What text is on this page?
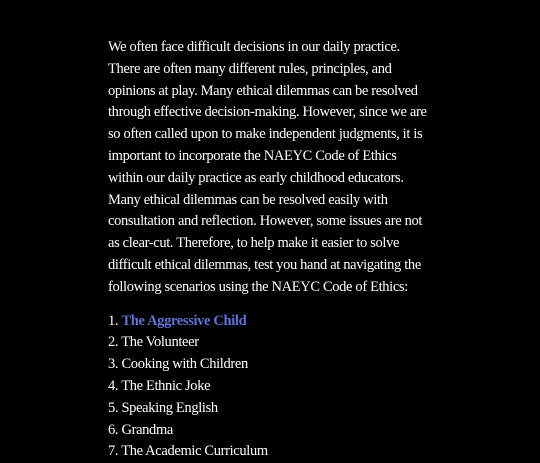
We often face difficult decisions in our daily practice. There are often many different rules, principles, and opinions at play. Many ethical dilemmas can be resolved through effective decision-making. However, since we are so often called upon to make independent judgments, it is important to incorporate the NAEYC Code of Ethics within our daily practice as early childhood educators. Many ethical dilemmas can be resolved easily with consultation and reflection. However, some issues are not as clear-cut. Therefore, to help make it easier to solve difficult ethical dilemmas, test you hand at navigating the following scenarios using the NAEYC Code of Ethics:

1. The Aggressive Child
2. The Volunteer
3. Cooking with Children
4. The Ethnic Joke
5. Speaking English
6. Grandma
7. The Academic Curriculum
